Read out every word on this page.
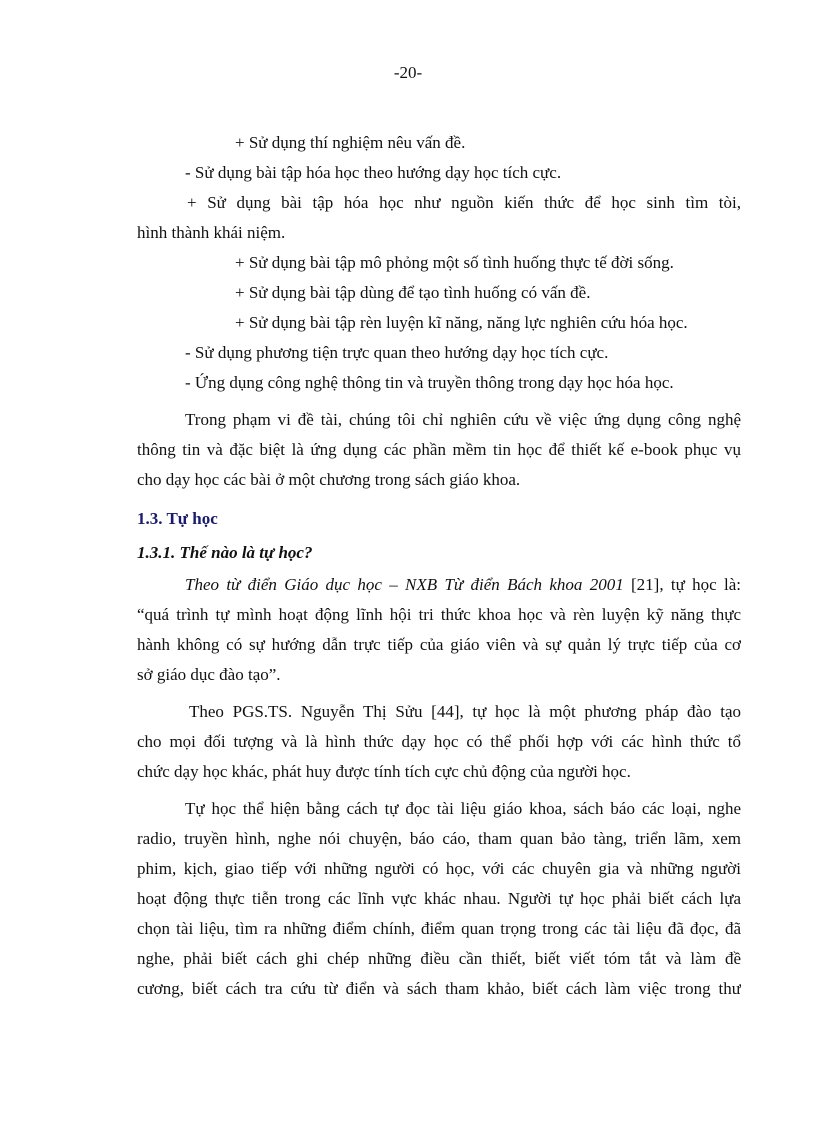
-20-
+ Sử dụng thí nghiệm nêu vấn đề.
- Sử dụng bài tập hóa học theo hướng dạy học tích cực.
+ Sử dụng bài tập hóa học như nguồn kiến thức để học sinh tìm tòi,
hình thành khái niệm.
+ Sử dụng bài tập mô phỏng một số tình huống thực tế đời sống.
+ Sử dụng bài tập dùng để tạo tình huống có vấn đề.
+ Sử dụng bài tập rèn luyện kĩ năng, năng lực nghiên cứu hóa học.
- Sử dụng phương tiện trực quan theo hướng dạy học tích cực.
- Ứng dụng công nghệ thông tin và truyền thông trong dạy học hóa học.
Trong phạm vi đề tài, chúng tôi chỉ nghiên cứu về việc ứng dụng công nghệ
thông tin và đặc biệt là ứng dụng các phần mềm tin học để thiết kế e-book phục vụ
cho dạy học các bài ở một chương trong sách giáo khoa.
1.3. Tự học
1.3.1. Thế nào là tự học?
Theo từ điển Giáo dục học – NXB Từ điển Bách khoa 2001 [21], tự học là:
“quá trình tự mình hoạt động lĩnh hội tri thức khoa học và rèn luyện kỹ năng thực
hành không có sự hướng dẫn trực tiếp của giáo viên và sự quản lý trực tiếp của cơ
sở giáo dục đào tạo”.
Theo PGS.TS. Nguyễn Thị Sửu [44], tự học là một phương pháp đào tạo
cho mọi đối tượng và là hình thức dạy học có thể phối hợp với các hình thức tổ
chức dạy học khác, phát huy được tính tích cực chủ động của người học.
Tự học thể hiện bằng cách tự đọc tài liệu giáo khoa, sách báo các loại, nghe
radio, truyền hình, nghe nói chuyện, báo cáo, tham quan bảo tàng, triển lãm, xem
phim, kịch, giao tiếp với những người có học, với các chuyên gia và những người
hoạt động thực tiễn trong các lĩnh vực khác nhau. Người tự học phải biết cách lựa
chọn tài liệu, tìm ra những điểm chính, điểm quan trọng trong các tài liệu đã đọc, đã
nghe, phải biết cách ghi chép những điều cần thiết, biết viết tóm tắt và làm đề
cương, biết cách tra cứu từ điển và sách tham khảo, biết cách làm việc trong thư
